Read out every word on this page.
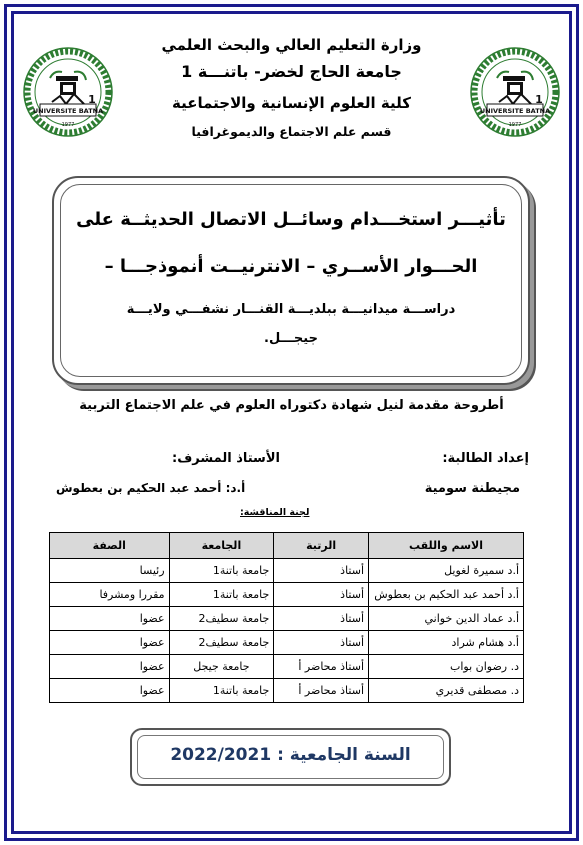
UNIVERSITE BATNA
1
1977
UNIVERSITE BATNA
1
1977
وزارة التعليم العالي والبحث العلمي
جامعة الحاج لخضر- باتنـــة 1
كلية العلوم الإنسانية والاجتماعية
قسم علم الاجتماع والديموغرافيا
تأثيـــر استخـــدام وسائــل الاتصال الحديثــة على
الحـــوار الأســري – الانترنيــت أنموذجـــا –
دراســـة ميدانيـــة ببلديـــة القنـــار نشفـــي ولايـــة
جيجـــل.
أطروحة مقدمة لنيل شهادة دكتوراه العلوم في علم الاجتماع التربية
إعداد الطالبة:
مجيطنة سومية
الأستاذ المشرف:
أ.د: أحمد عبد الحكيم بن بعطوش
لجنة المناقشة:
الاسم واللقب	الرتبة	الجامعة	الصفة
أ.د سميرة لغويل	أستاذ	جامعة باتنة1	رئيسا
أ.د أحمد عبد الحكيم بن بعطوش	أستاذ	جامعة باتنة1	مقررا ومشرفا
أ.د عماد الدين خواني	أستاذ	جامعة سطيف2	عضوا
أ.د هشام شراد	أستاذ	جامعة سطيف2	عضوا
د. رضوان بواب	أستاذ محاضر أ	جامعة جيجل	عضوا
د. مصطفى قديري	أستاذ محاضر أ	جامعة باتنة1	عضوا
السنة الجامعية : 2022/2021
